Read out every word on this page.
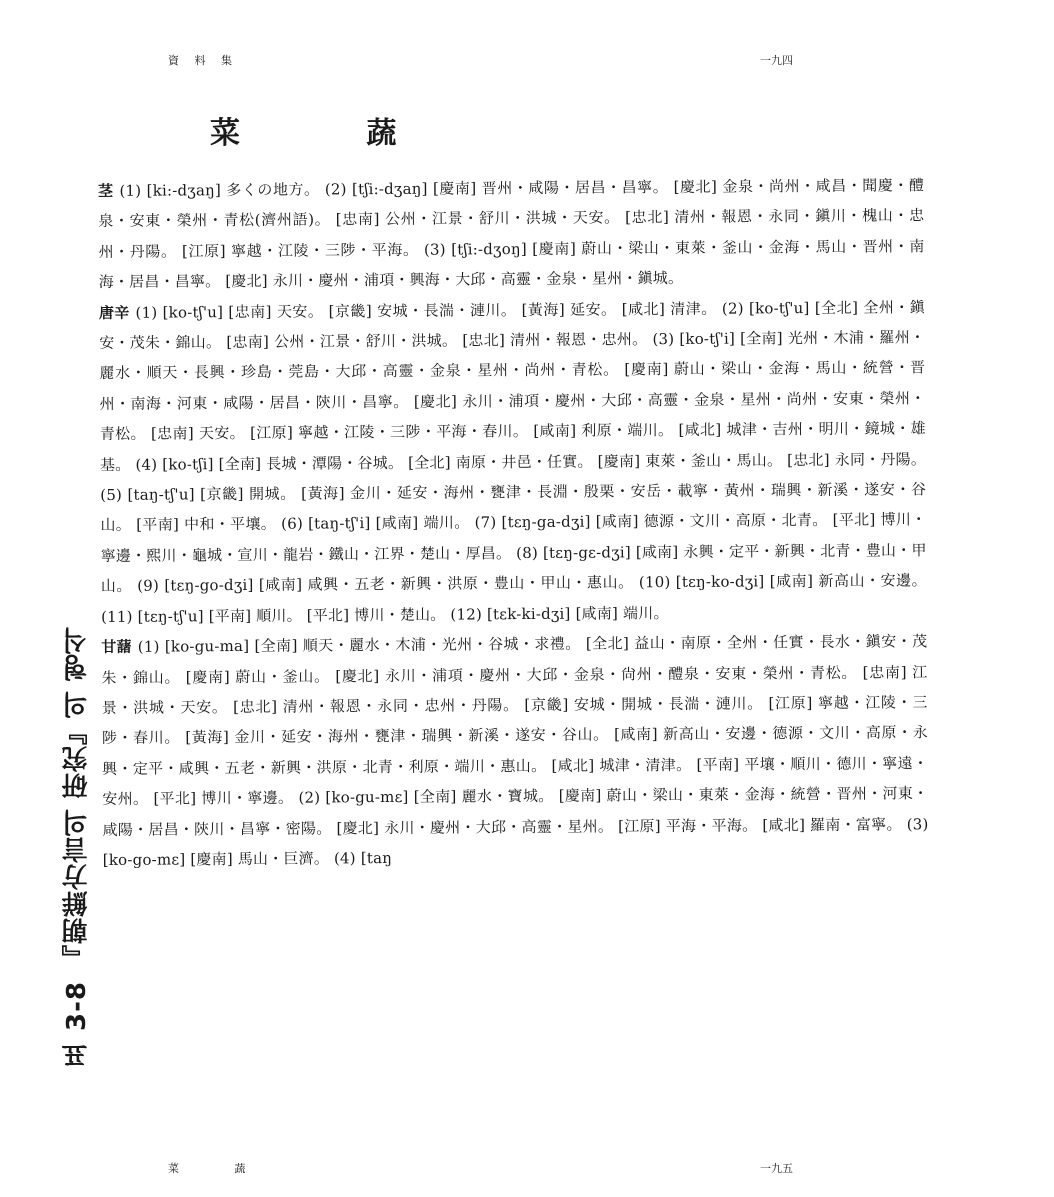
資 料 集	一九四
菜 蔬
표 3-8 『朝鮮方言의 研究』의 형식

茎 (1) [ki:-dʒaŋ] 多くの地方。 (2) [tʃi:-dʒaŋ] [慶南] 晋州・咸陽・居昌・昌寧。 [慶北] 金泉・尚州・咸昌・聞慶・醴泉・安東・榮州・青松(濟州語)。 [忠南] 公州・江景・舒川・洪城・天安。 [忠北] 清州・報恩・永同・鎭川・槐山・忠州・丹陽。 [江原] 寧越・江陵・三陟・平海。 (3) [tʃi:-dʒoŋ] [慶南] 蔚山・梁山・東萊・釜山・金海・馬山・晋州・南海・居昌・昌寧。 [慶北] 永川・慶州・浦項・興海・大邱・高靈・金泉・星州・鎭城。

唐辛 (1) [ko-tʃ'u] [忠南] 天安。 [京畿] 安城・長湍・漣川。 [黃海] 延安。 [咸北] 清津。 (2) [ko-tʃ'u] [全北] 全州・鎭安・茂朱・錦山。 [忠南] 公州・江景・舒川・洪城。 [忠北] 清州・報恩・忠州。 (3) [ko-tʃ'i] [全南] 光州・木浦・羅州・麗水・順天・長興・珍島・莞島・大邱・高靈・金泉・星州・尚州・青松。 [慶南] 蔚山・梁山・金海・馬山・統營・晋州・南海・河東・咸陽・居昌・陝川・昌寧。 [慶北] 永川・浦項・慶州・大邱・高靈・金泉・星州・尚州・安東・榮州・青松。 [忠南] 天安。 [江原] 寧越・江陵・三陟・平海・春川。 [咸南] 利原・端川。 [咸北] 城津・吉州・明川・鏡城・雄基。 (4) [ko-tʃi] [全南] 長城・潭陽・谷城。 [全北] 南原・井邑・任實。 [慶南] 東萊・釜山・馬山。 [忠北] 永同・丹陽。 (5) [taŋ-tʃ'u] [京畿] 開城。 [黃海] 金川・延安・海州・甕津・長淵・殷栗・安岳・載寧・黃州・瑞興・新溪・遂安・谷山。 [平南] 中和・平壤。 (6) [taŋ-tʃ'i] [咸南] 端川。 (7) [tɛŋ-ga-dʒi] [咸南] 德源・文川・高原・北青。 [平北] 博川・寧邊・熙川・龜城・宣川・龍岩・鐵山・江界・楚山・厚昌。 (8) [tɛŋ-gɛ-dʒi] [咸南] 永興・定平・新興・北青・豊山・甲山。 (9) [tɛŋ-go-dʒi] [咸南] 咸興・五老・新興・洪原・豊山・甲山・惠山。 (10) [tɛŋ-ko-dʒi] [咸南] 新高山・安邊。 (11) [tɛŋ-tʃ'u] [平南] 順川。 [平北] 博川・楚山。 (12) [tɛk-ki-dʒi] [咸南] 端川。

甘藷 (1) [ko-gu-ma] [全南] 順天・麗水・木浦・光州・谷城・求禮。 [全北] 益山・南原・全州・任實・長水・鎭安・茂朱・錦山。 [慶南] 蔚山・釜山。 [慶北] 永川・浦項・慶州・大邱・金泉・尙州・醴泉・安東・榮州・青松。 [忠南] 江景・洪城・天安。 [忠北] 清州・報恩・永同・忠州・丹陽。 [京畿] 安城・開城・長湍・漣川。 [江原] 寧越・江陵・三陟・春川。 [黃海] 金川・延安・海州・甕津・瑞興・新溪・遂安・谷山。 [咸南] 新高山・安邊・德源・文川・高原・永興・定平・咸興・五老・新興・洪原・北青・利原・端川・惠山。 [咸北] 城津・清津。 [平南] 平壤・順川・德川・寧遠・安州。 [平北] 博川・寧邊。 (2) [ko-gu-mɛ] [全南] 麗水・寶城。 [慶南] 蔚山・梁山・東萊・金海・統營・晋州・河東・咸陽・居昌・陝川・昌寧・密陽。 [慶北] 永川・慶州・大邱・高靈・星州。 [江原] 平海・平海。 [咸北] 羅南・富寧。 (3) [ko-go-mɛ] [慶南] 馬山・巨濟。 (4) [taŋ

菜 蔬	一九五
